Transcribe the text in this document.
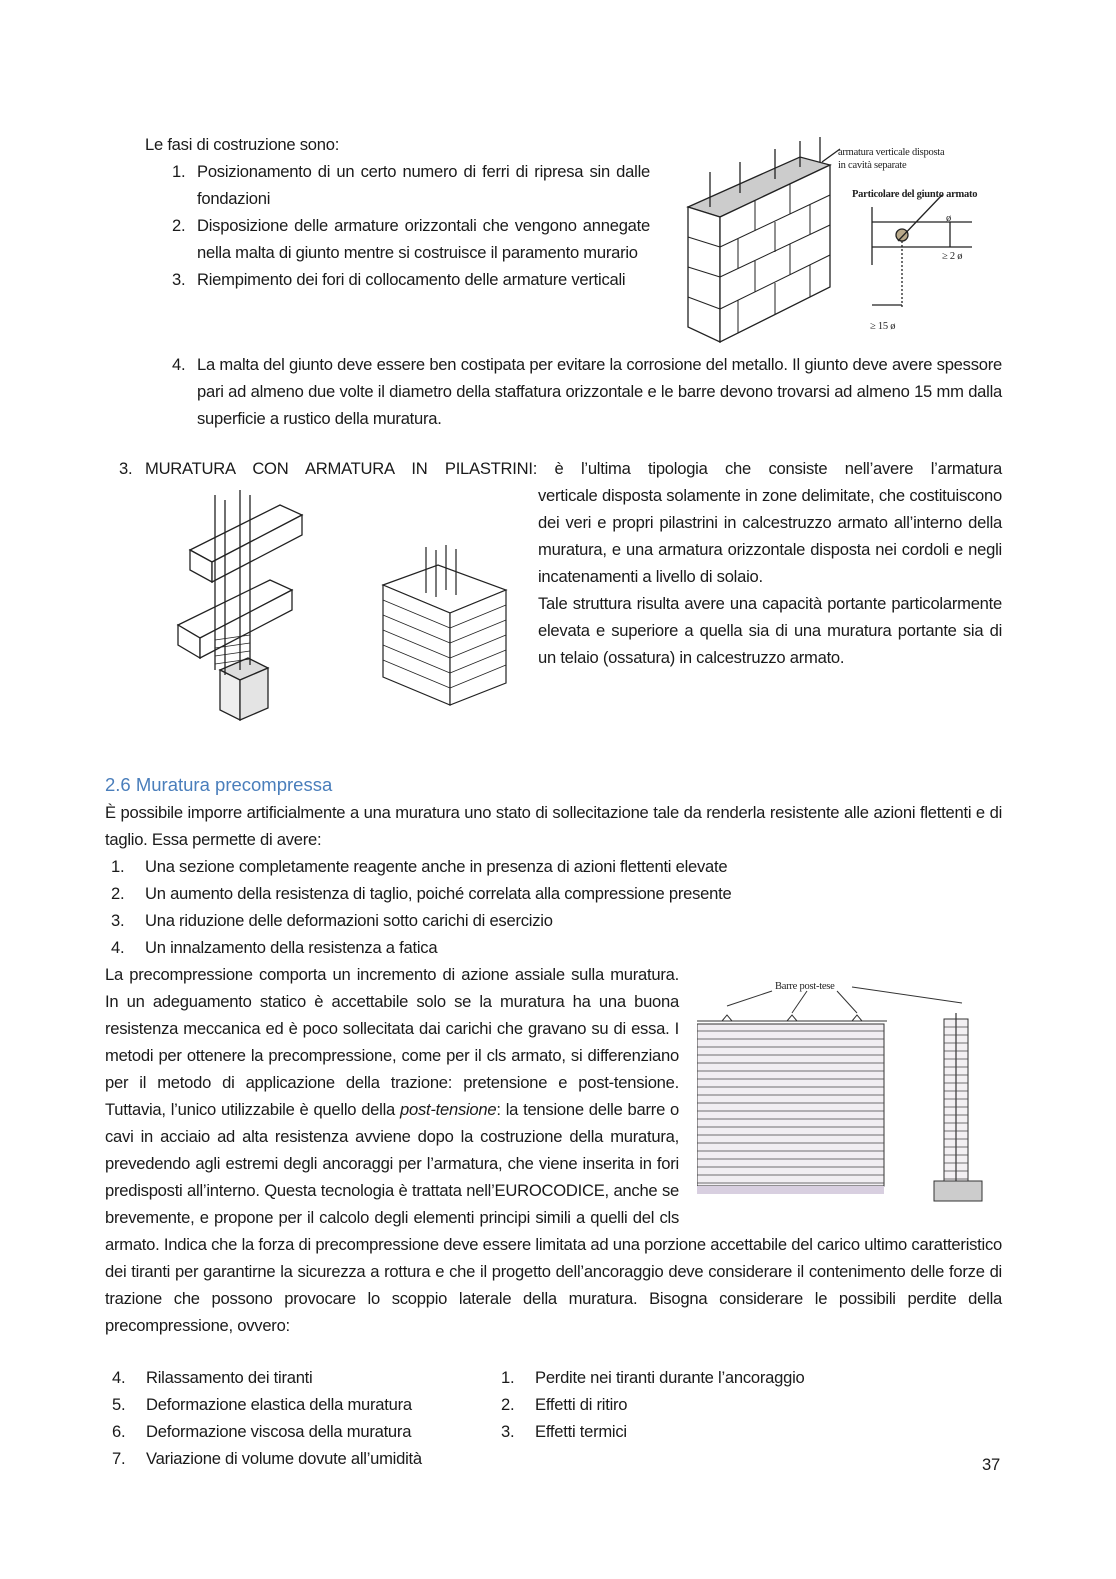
armatura verticale disposta
in cavità separate
Particolare del giunto armato
ø
≥ 2 ø
≥ 15 ø
Le fasi di costruzione sono:
1. Posizionamento di un certo numero di ferri di ripresa sin dalle fondazioni
2. Disposizione delle armature orizzontali che vengono annegate nella malta di giunto mentre si costruisce il paramento murario
3. Riempimento dei fori di collocamento delle armature verticali
4. La malta del giunto deve essere ben costipata per evitare la corrosione del metallo. Il giunto deve avere spessore pari ad almeno due volte il diametro della staffatura orizzontale e le barre devono trovarsi ad almeno 15 mm dalla superficie a rustico della muratura.
3. MURATURA CON ARMATURA IN PILASTRINI: è l’ultima tipologia che consiste nell’avere l’armatura
verticale disposta solamente in zone delimitate, che costituiscono dei veri e propri pilastrini in calcestruzzo armato all’interno della muratura, e una armatura orizzontale disposta nei cordoli e negli incatenamenti a livello di solaio.
Tale struttura risulta avere una capacità portante particolarmente elevata e superiore a quella sia di una muratura portante sia di un telaio (ossatura) in calcestruzzo armato.
2.6 Muratura precompressa
È possibile imporre artificialmente a una muratura uno stato di sollecitazione tale da renderla resistente alle azioni flettenti e di taglio. Essa permette di avere:
1. Una sezione completamente reagente anche in presenza di azioni flettenti elevate
2. Un aumento della resistenza di taglio, poiché correlata alla compressione presente
3. Una riduzione delle deformazioni sotto carichi di esercizio
4. Un innalzamento della resistenza a fatica
Barre post-tese
La precompressione comporta un incremento di azione assiale sulla muratura. In un adeguamento statico è accettabile solo se la muratura ha una buona resistenza meccanica ed è poco sollecitata dai carichi che gravano su di essa. I metodi per ottenere la precompressione, come per il cls armato, si differenziano per il metodo di applicazione della trazione: pretensione e post-tensione. Tuttavia, l’unico utilizzabile è quello della post-tensione: la tensione delle barre o cavi in acciaio ad alta resistenza avviene dopo la costruzione della muratura, prevedendo agli estremi degli ancoraggi per l’armatura, che viene inserita in fori predisposti all’interno. Questa tecnologia è trattata nell’EUROCODICE, anche se brevemente, e propone per il calcolo degli elementi principi simili a quelli del cls armato. Indica che la forza di precompressione deve essere limitata ad una porzione accettabile del carico ultimo caratteristico dei tiranti per garantirne la sicurezza a rottura e che il progetto dell’ancoraggio deve considerare il contenimento delle forze di trazione che possono provocare lo scoppio laterale della muratura. Bisogna considerare le possibili perdite della precompressione, ovvero:
4. Rilassamento dei tiranti
5. Deformazione elastica della muratura
6. Deformazione viscosa della muratura
7. Variazione di volume dovute all’umidità
1. Perdite nei tiranti durante l’ancoraggio
2. Effetti di ritiro
3. Effetti termici
37
